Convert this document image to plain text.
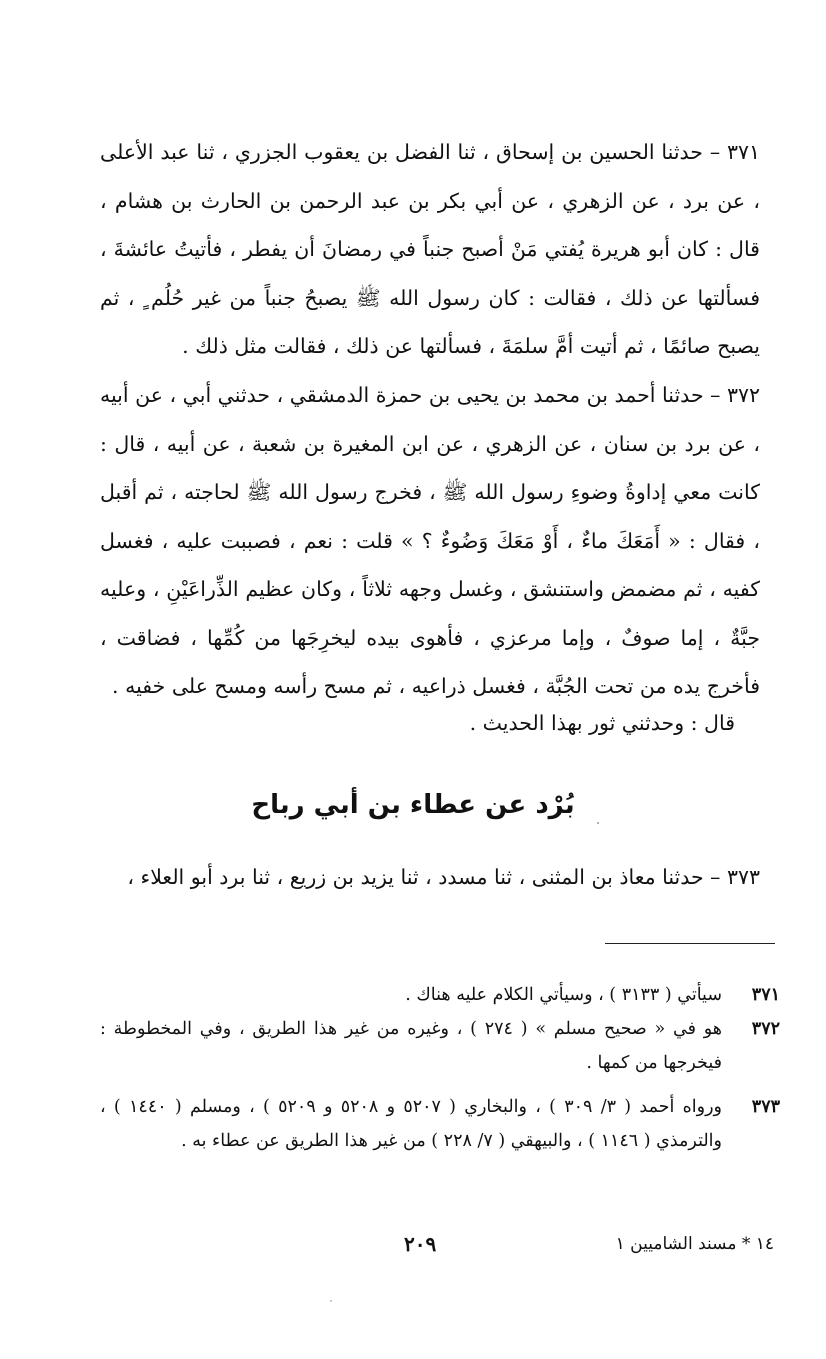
٣٧١ – حدثنا الحسين بن إسحاق ، ثنا الفضل بن يعقوب الجزري ، ثنا عبد الأعلى ، عن برد ، عن الزهري ، عن أبي بكر بن عبد الرحمن بن الحارث بن هشام ، قال : كان أبو هريرة يُفتي مَنْ أصبح جنباً في رمضانَ أن يفطر ، فأتيتُ عائشةَ ، فسألتها عن ذلك ، فقالت : كان رسول الله ﷺ يصبحُ جنباً من غير حُلُم ٍ ، ثم يصبح صائمًا ، ثم أتيت أمَّ سلمَةَ ، فسألتها عن ذلك ، فقالت مثل ذلك .

٣٧٢ – حدثنا أحمد بن محمد بن يحيى بن حمزة الدمشقي ، حدثني أبي ، عن أبيه ، عن برد بن سنان ، عن الزهري ، عن ابن المغيرة بن شعبة ، عن أبيه ، قال : كانت معي إداوةُ وضوءِ رسول الله ﷺ ، فخرج رسول الله ﷺ لحاجته ، ثم أقبل ، فقال : « أَمَعَكَ ماءٌ ، أَوْ مَعَكَ وَضُوءٌ ؟ » قلت : نعم ، فصببت عليه ، فغسل كفيه ، ثم مضمض واستنشق ، وغسل وجهه ثلاثاً ، وكان عظيم الذِّراعَيْنِ ، وعليه جبَّةٌ ، إما صوفٌ ، وإما مرعزي ، فأهوى بيده ليخرِجَها من كُمِّها ، فضاقت ، فأخرج يده من تحت الجُبَّة ، فغسل ذراعيه ، ثم مسح رأسه ومسح على خفيه .

قال : وحدثني ثور بهذا الحديث .

بُرْد عن عطاء بن أبي رباح

٣٧٣ – حدثنا معاذ بن المثنى ، ثنا مسدد ، ثنا يزيد بن زريع ، ثنا برد أبو العلاء ،

٣٧١
سيأتي ( ٣١٣٣ ) ، وسيأتي الكلام عليه هناك .
٣٧٢
هو في « صحيح مسلم » ( ٢٧٤ ) ، وغيره من غير هذا الطريق ، وفي المخطوطة : فيخرجها من كمها .
٣٧٣
ورواه أحمد ( ٣/ ٣٠٩ ) ، والبخاري ( ٥٢٠٧ و ٥٢٠٨ و ٥٢٠٩ ) ، ومسلم ( ١٤٤٠ ) ، والترمذي ( ١١٤٦ ) ، والبيهقي ( ٧/ ٢٢٨ ) من غير هذا الطريق عن عطاء به .
٢٠٩	١٤ * مسند الشاميين ١
